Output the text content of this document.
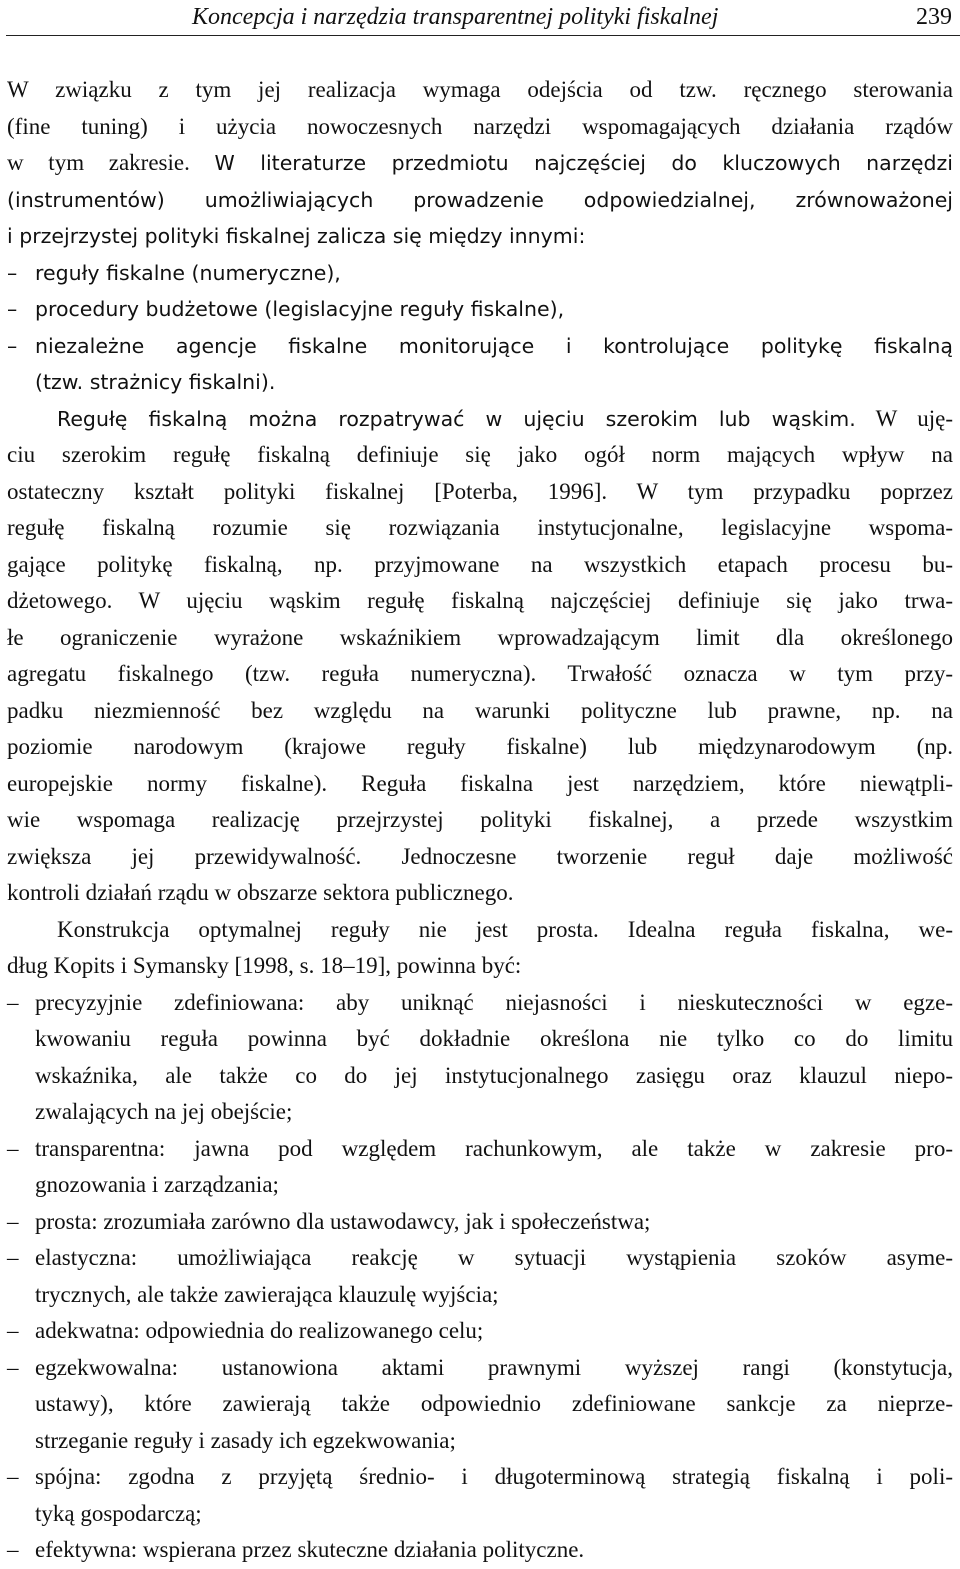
Koncepcja i narzędzia transparentnej polityki fiskalnej	239
W związku z tym jej realizacja wymaga odejścia od tzw. ręcznego sterowania
(fine tuning) i użycia nowoczesnych narzędzi wspomagających działania rządów
w tym zakresie. W literaturze przedmiotu najczęściej do kluczowych narzędzi
(instrumentów) umożliwiających prowadzenie odpowiedzialnej, zrównoważonej
i przejrzystej polityki fiskalnej zalicza się między innymi:
– reguły fiskalne (numeryczne),
– procedury budżetowe (legislacyjne reguły fiskalne),
– niezależne agencje fiskalne monitorujące i kontrolujące politykę fiskalną
(tzw. strażnicy fiskalni).
Regułę fiskalną można rozpatrywać w ujęciu szerokim lub wąskim. W uję-
ciu szerokim regułę fiskalną definiuje się jako ogół norm mających wpływ na
ostateczny kształt polityki fiskalnej [Poterba, 1996]. W tym przypadku poprzez
regułę fiskalną rozumie się rozwiązania instytucjonalne, legislacyjne wspoma-
gające politykę fiskalną, np. przyjmowane na wszystkich etapach procesu bu-
dżetowego. W ujęciu wąskim regułę fiskalną najczęściej definiuje się jako trwa-
łe ograniczenie wyrażone wskaźnikiem wprowadzającym limit dla określonego
agregatu fiskalnego (tzw. reguła numeryczna). Trwałość oznacza w tym przy-
padku niezmienność bez względu na warunki polityczne lub prawne, np. na
poziomie narodowym (krajowe reguły fiskalne) lub międzynarodowym (np.
europejskie normy fiskalne). Reguła fiskalna jest narzędziem, które niewątpli-
wie wspomaga realizację przejrzystej polityki fiskalnej, a przede wszystkim
zwiększa jej przewidywalność. Jednoczesne tworzenie reguł daje możliwość
kontroli działań rządu w obszarze sektora publicznego.
Konstrukcja optymalnej reguły nie jest prosta. Idealna reguła fiskalna, we-
dług Kopits i Symansky [1998, s. 18–19], powinna być:
– precyzyjnie zdefiniowana: aby uniknąć niejasności i nieskuteczności w egze-
kwowaniu reguła powinna być dokładnie określona nie tylko co do limitu
wskaźnika, ale także co do jej instytucjonalnego zasięgu oraz klauzul niepo-
zwalających na jej obejście;
– transparentna: jawna pod względem rachunkowym, ale także w zakresie pro-
gnozowania i zarządzania;
– prosta: zrozumiała zarówno dla ustawodawcy, jak i społeczeństwa;
– elastyczna: umożliwiająca reakcję w sytuacji wystąpienia szoków asyme-
trycznych, ale także zawierająca klauzulę wyjścia;
– adekwatna: odpowiednia do realizowanego celu;
– egzekwowalna: ustanowiona aktami prawnymi wyższej rangi (konstytucja,
ustawy), które zawierają także odpowiednio zdefiniowane sankcje za nieprze-
strzeganie reguły i zasady ich egzekwowania;
– spójna: zgodna z przyjętą średnio- i długoterminową strategią fiskalną i poli-
tyką gospodarczą;
– efektywna: wspierana przez skuteczne działania polityczne.
